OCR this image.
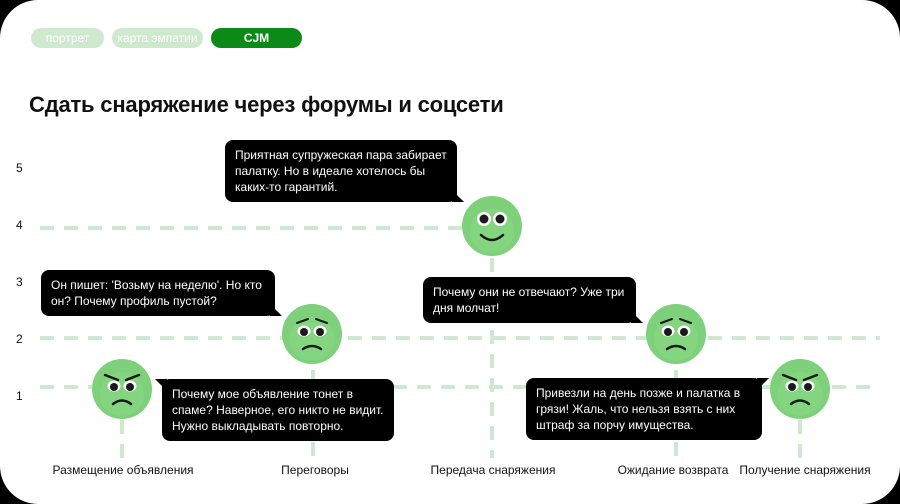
портрет	карта эмпатии	CJM
Сдать снаряжение через форумы и соцсети
5
4
3
2
1	Почему мое объявление тонет в спаме? Наверное, его никто не видит. Нужно выкладывать повторно.
Он пишет: 'Возьму на неделю'. Но кто он? Почему профиль пустой?
Приятная супружеская пара забирает палатку. Но в идеале хотелось бы каких-то гарантий.
Почему они не отвечают? Уже три дня молчат!
Привезли на день позже и палатка в грязи! Жаль, что нельзя взять с них штраф за порчу имущества.
Размещение объявления	Переговоры	Передача снаряжения	Ожидание возврата Получение снаряжения
